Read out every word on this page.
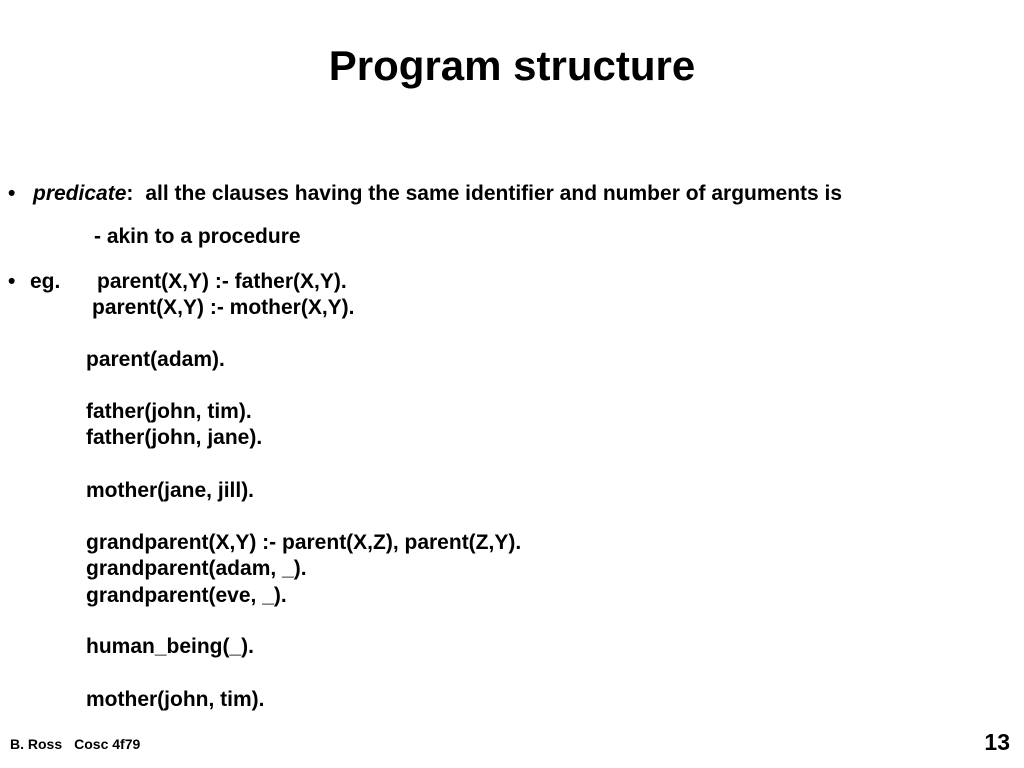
Program structure
• predicate: all the clauses having the same identifier and number of arguments is
- akin to a procedure
• eg. parent(X,Y) :- father(X,Y).
parent(X,Y) :- mother(X,Y).
parent(adam).
father(john, tim).
father(john, jane).
mother(jane, jill).
grandparent(X,Y) :- parent(X,Z), parent(Z,Y).
grandparent(adam, _).
grandparent(eve, _).
human_being(_).
mother(john, tim).
B. Ross Cosc 4f79	13
